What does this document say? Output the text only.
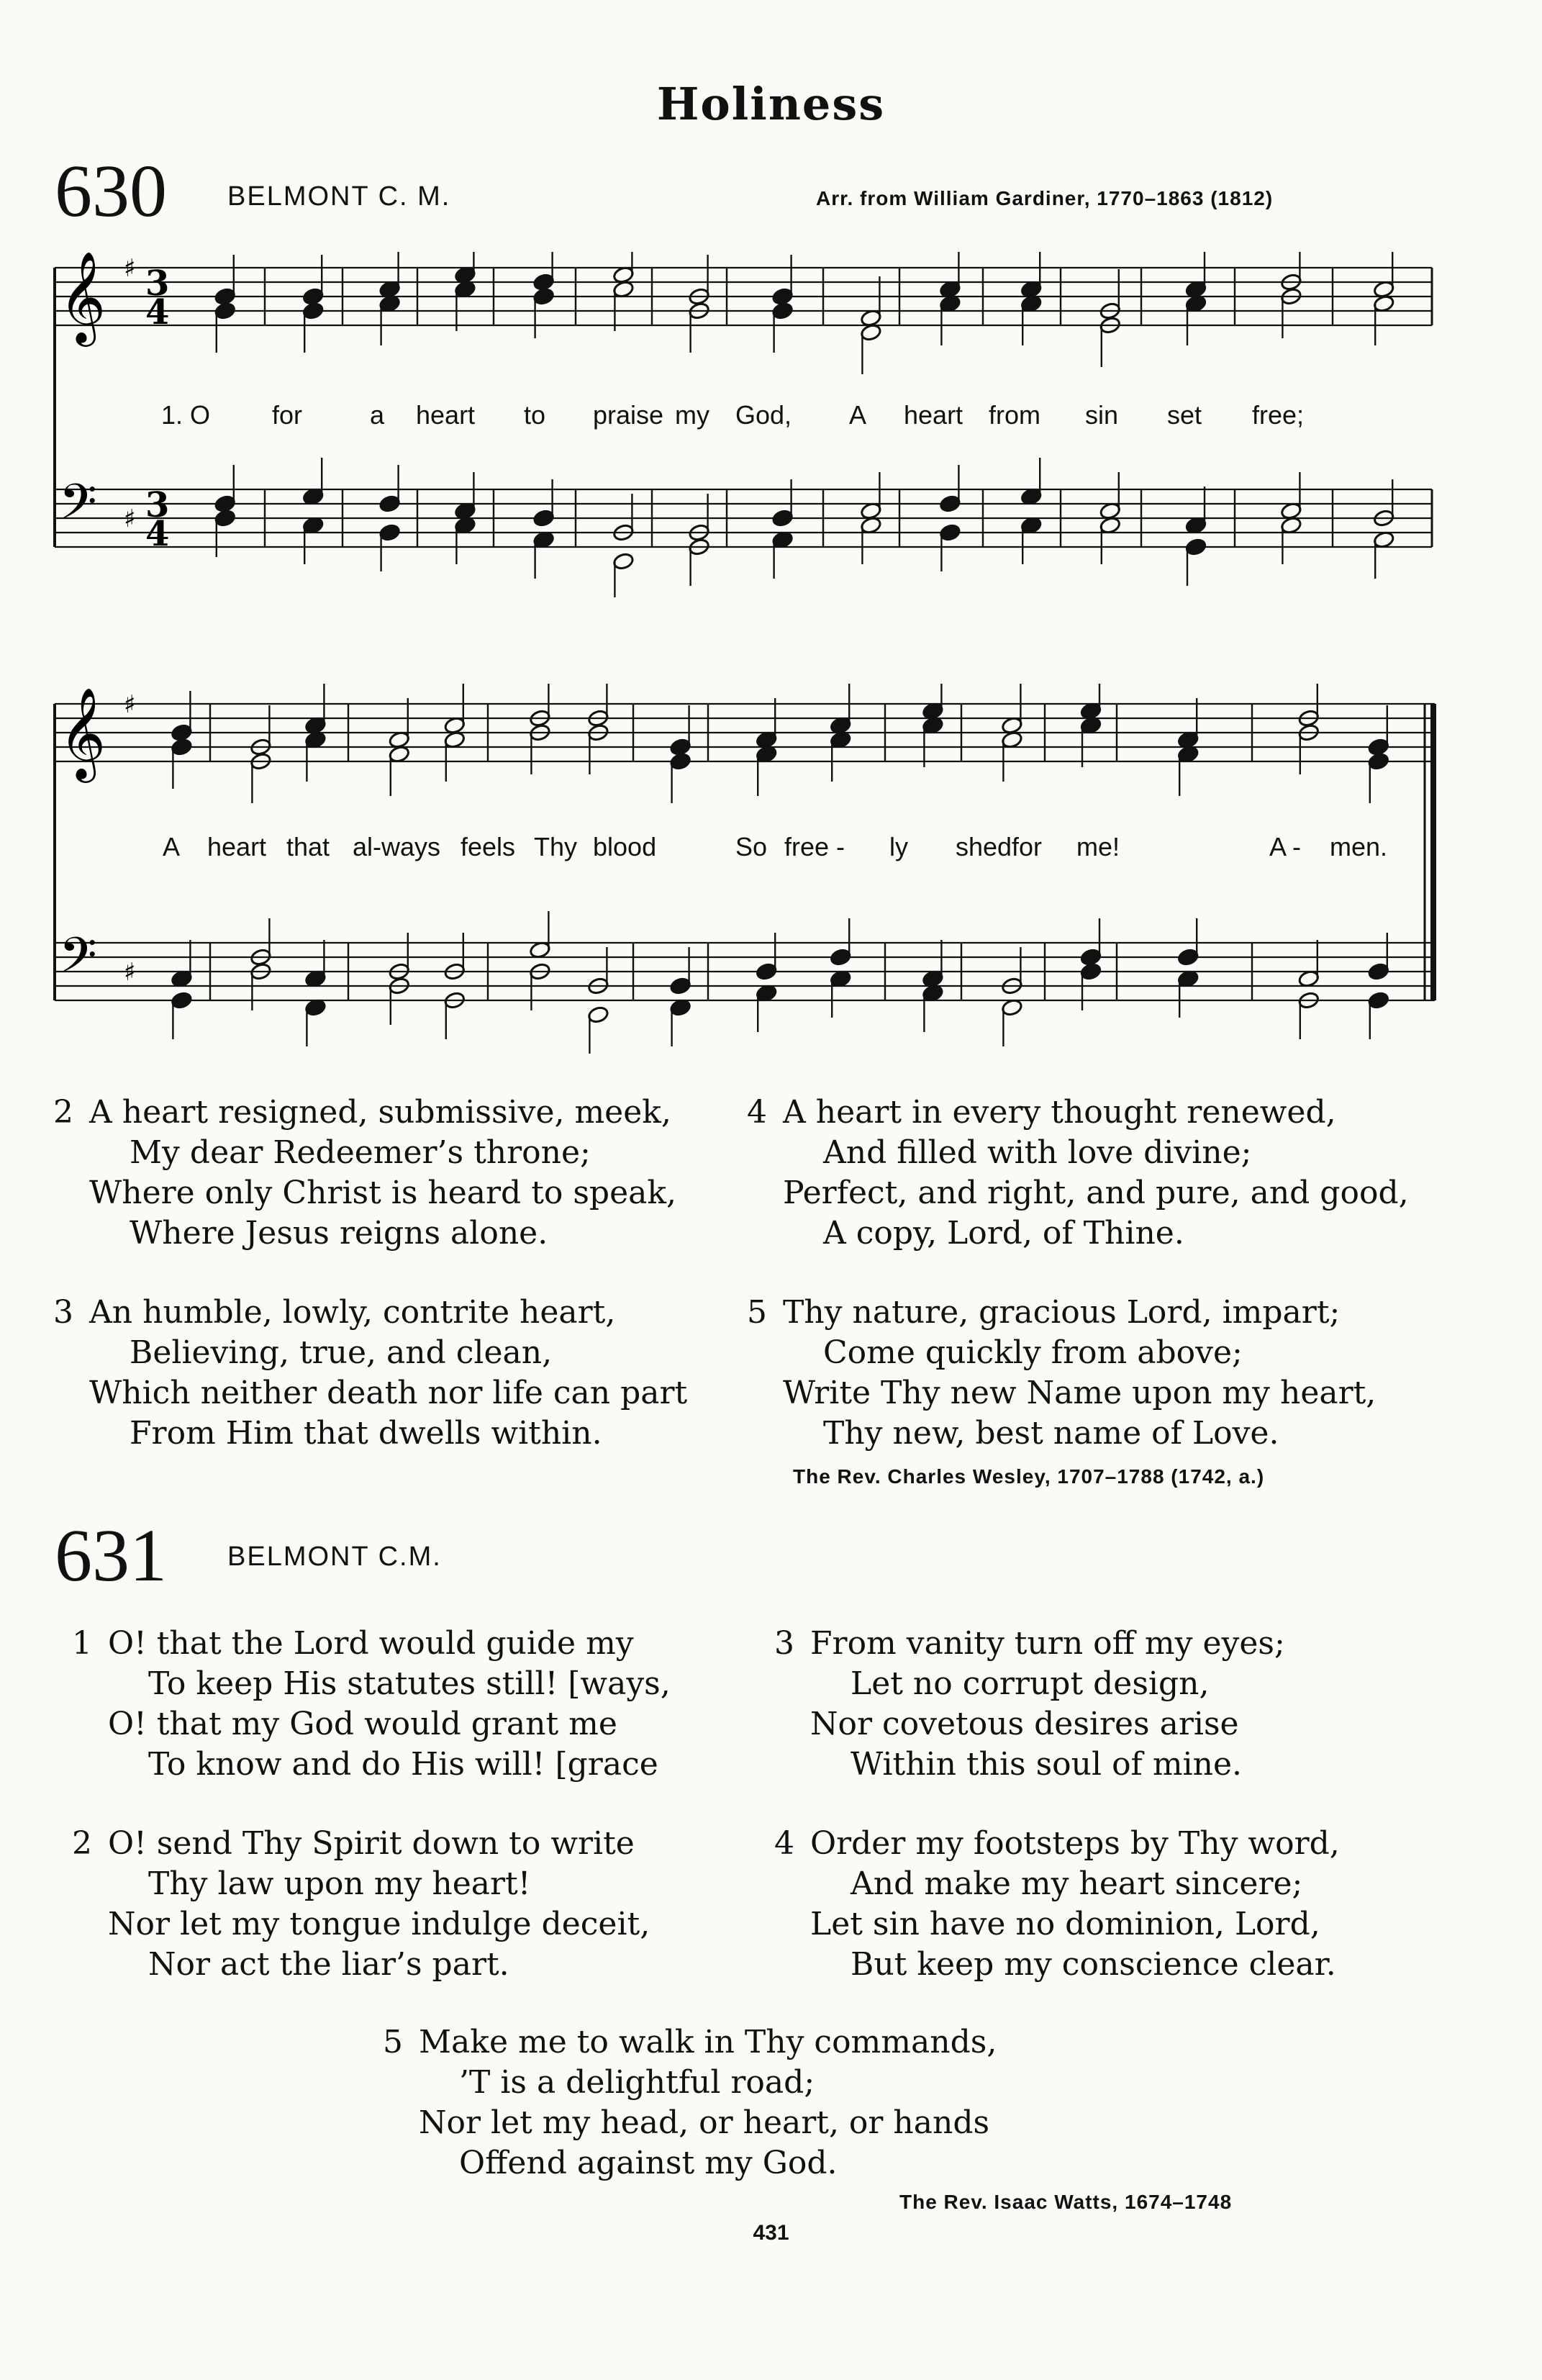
Holiness
630 BELMONT C. M.	Arr. from William Gardiner, 1770–1863 (1812)
𝄞
𝄢
♯
♯
3
4
3
4
1. O for	a heart to praise my God, A heart from sin set free;
𝄞
𝄢
♯
♯
A heart that al-ways feels Thy blood	So free - ly shed for me!	A - men.
2 A heart resigned, submissive, meek,
My dear Redeemer’s throne;
Where only Christ is heard to speak,
Where Jesus reigns alone.
3 An humble, lowly, contrite heart,
Believing, true, and clean,
Which neither death nor life can part
From Him that dwells within.
4 A heart in every thought renewed,
And filled with love divine;
Perfect, and right, and pure, and good,
A copy, Lord, of Thine.
5 Thy nature, gracious Lord, impart;
Come quickly from above;
Write Thy new Name upon my heart,
Thy new, best name of Love.
The Rev. Charles Wesley, 1707–1788 (1742, a.)
631 BELMONT C.M.
1 O! that the Lord would guide my
To keep His statutes still! [ways,
O! that my God would grant me
To know and do His will! [grace
2 O! send Thy Spirit down to write
Thy law upon my heart!
Nor let my tongue indulge deceit,
Nor act the liar’s part.
3 From vanity turn off my eyes;
Let no corrupt design,
Nor covetous desires arise
Within this soul of mine.
4 Order my footsteps by Thy word,
And make my heart sincere;
Let sin have no dominion, Lord,
But keep my conscience clear.
5 Make me to walk in Thy commands,
’T is a delightful road;
Nor let my head, or heart, or hands
Offend against my God.
The Rev. Isaac Watts, 1674–1748
431
